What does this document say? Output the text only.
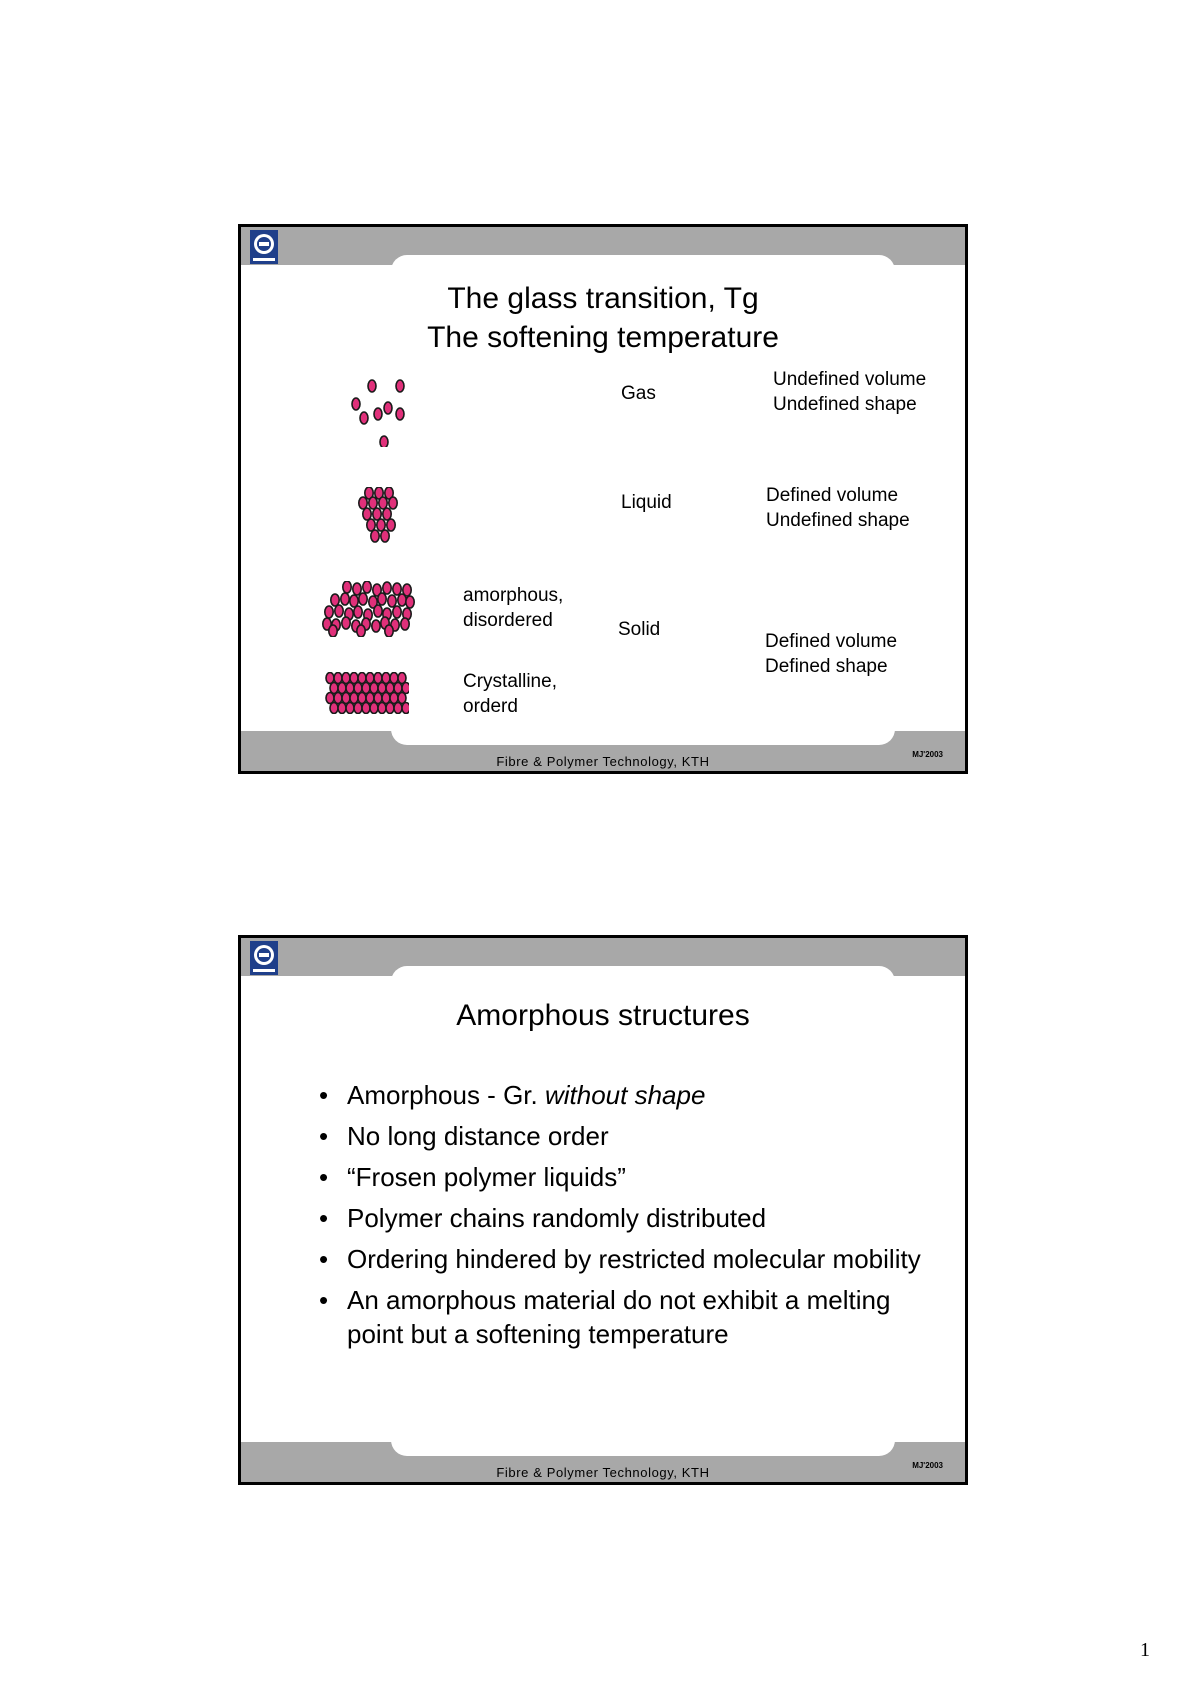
The glass transition, Tg
The softening temperature
Gas
Liquid
Solid
amorphous,
disordered
Crystalline,
orderd
Undefined volume
Undefined shape
Defined volume
Undefined shape
Defined volume
Defined shape
Fibre & Polymer Technology, KTH	MJ'2003
Amorphous structures
• Amorphous - Gr. without shape
• No long distance order
• “Frosen polymer liquids”
• Polymer chains randomly distributed
• Ordering hindered by restricted molecular mobility
• An amorphous material do not exhibit a melting point but a softening temperature
Fibre & Polymer Technology, KTH	MJ'2003
1
